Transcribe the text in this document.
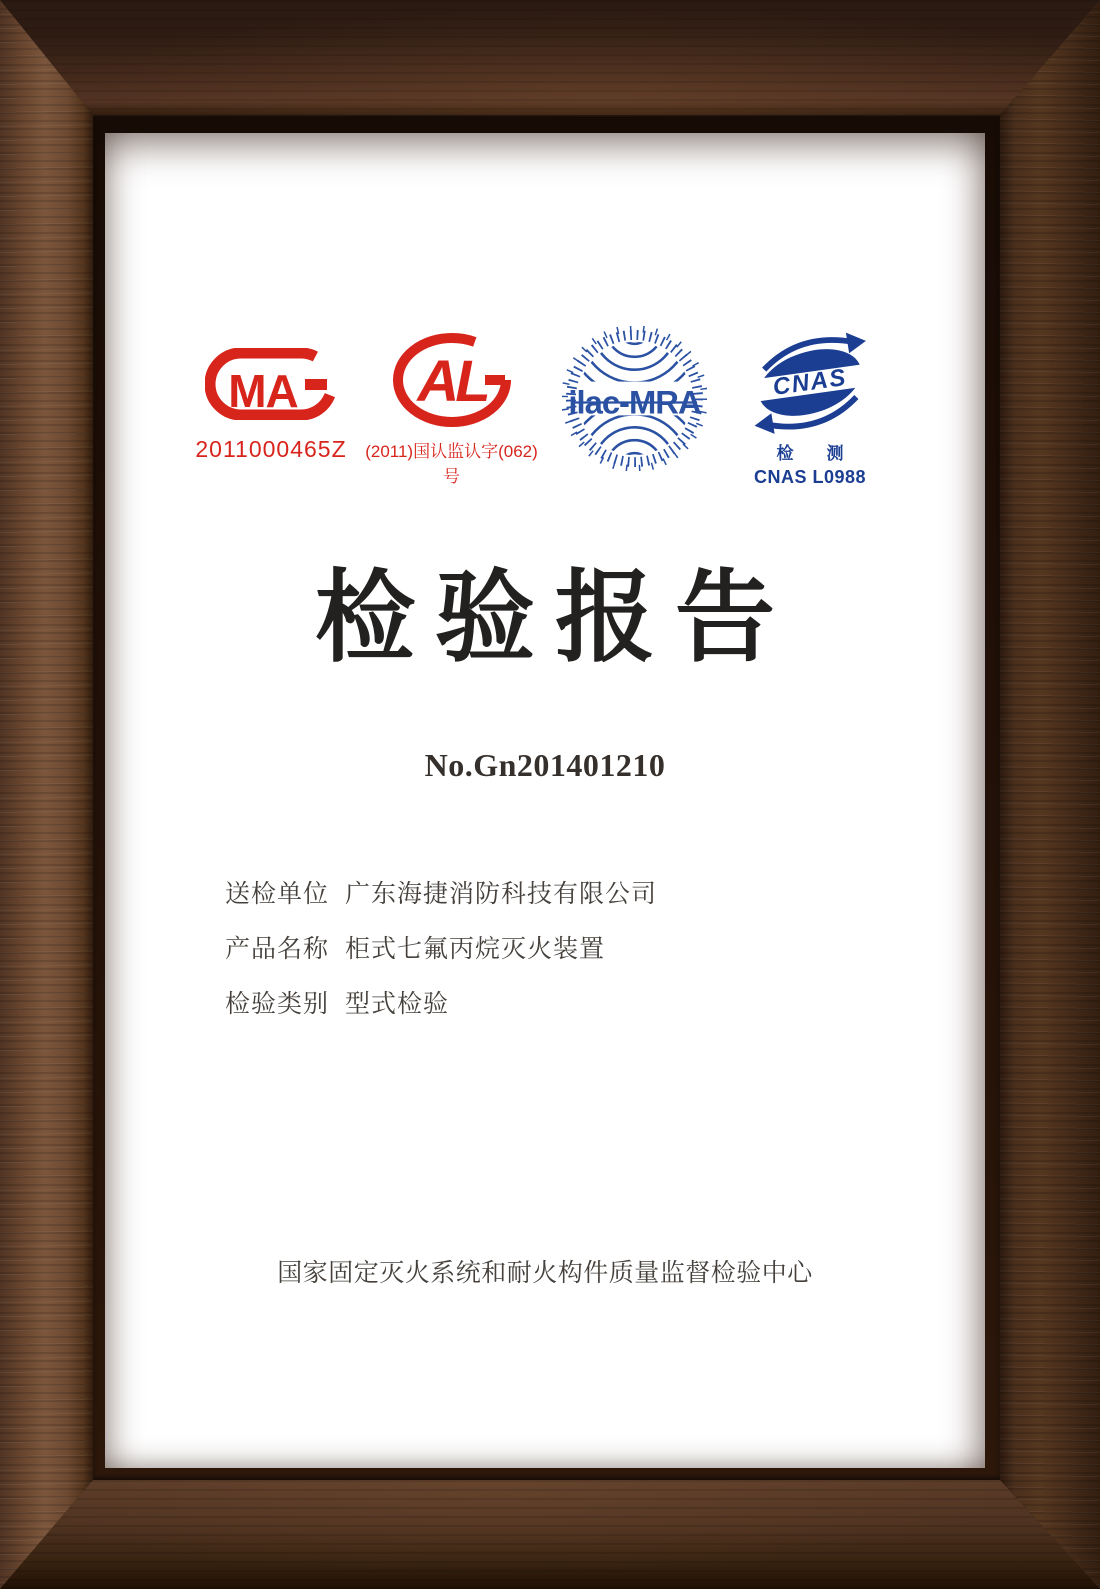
MA
2011000465Z
AL
(2011)国认监认字(062)号
ilac-MRA
CNAS
检　测
CNAS L0988
检验报告
No.Gn201401210
送检单位 广东海捷消防科技有限公司
产品名称 柜式七氟丙烷灭火装置
检验类别 型式检验
国家固定灭火系统和耐火构件质量监督检验中心
